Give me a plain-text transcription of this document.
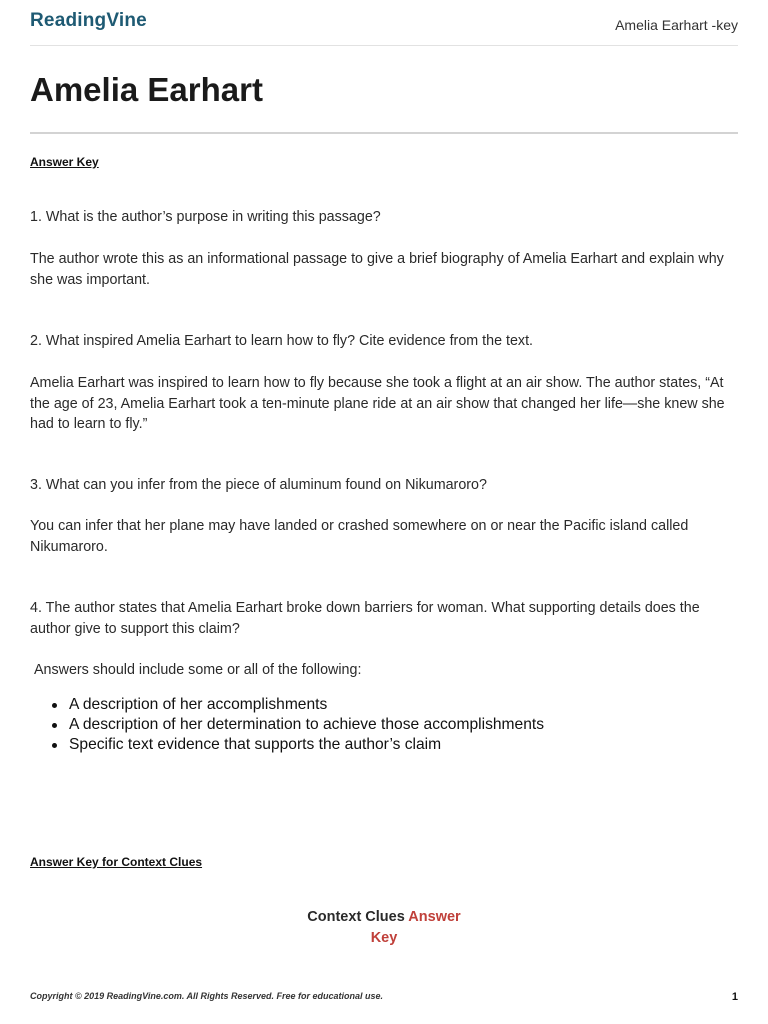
ReadingVine	Amelia Earhart -key
Amelia Earhart
Answer Key

1. What is the author’s purpose in writing this passage?

The author wrote this as an informational passage to give a brief biography of Amelia Earhart and explain why she was important.

2. What inspired Amelia Earhart to learn how to fly? Cite evidence from the text.

Amelia Earhart was inspired to learn how to fly because she took a flight at an air show. The author states, “At the age of 23, Amelia Earhart took a ten-minute plane ride at an air show that changed her life—she knew she had to learn to fly.”

3. What can you infer from the piece of aluminum found on Nikumaroro?

You can infer that her plane may have landed or crashed somewhere on or near the Pacific island called Nikumaroro.

4. The author states that Amelia Earhart broke down barriers for woman. What supporting details does the author give to support this claim?

Answers should include some or all of the following:

A description of her accomplishments
A description of her determination to achieve those accomplishments
Specific text evidence that supports the author’s claim
Answer Key for Context Clues
Context Clues Answer
Key
Copyright © 2019 ReadingVine.com. All Rights Reserved. Free for educational use.	1
